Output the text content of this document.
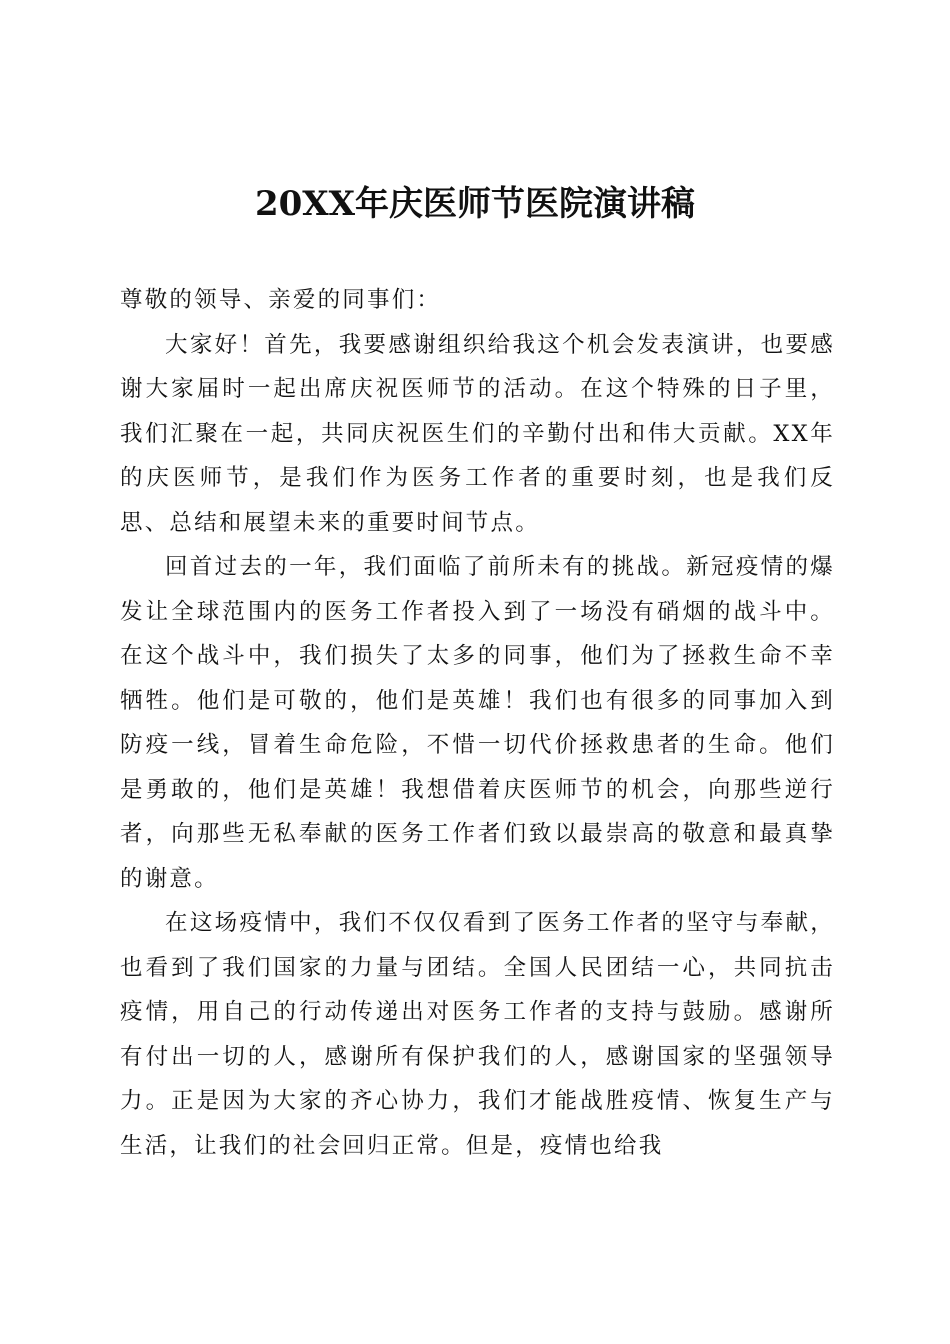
20XX年庆医师节医院演讲稿

尊敬的领导、亲爱的同事们：

大家好！首先，我要感谢组织给我这个机会发表演讲，也要感谢大家届时一起出席庆祝医师节的活动。在这个特殊的日子里，我们汇聚在一起，共同庆祝医生们的辛勤付出和伟大贡献。XX年的庆医师节，是我们作为医务工作者的重要时刻，也是我们反思、总结和展望未来的重要时间节点。

回首过去的一年，我们面临了前所未有的挑战。新冠疫情的爆发让全球范围内的医务工作者投入到了一场没有硝烟的战斗中。在这个战斗中，我们损失了太多的同事，他们为了拯救生命不幸牺牲。他们是可敬的，他们是英雄！我们也有很多的同事加入到防疫一线，冒着生命危险，不惜一切代价拯救患者的生命。他们是勇敢的，他们是英雄！我想借着庆医师节的机会，向那些逆行者，向那些无私奉献的医务工作者们致以最崇高的敬意和最真挚的谢意。

在这场疫情中，我们不仅仅看到了医务工作者的坚守与奉献，也看到了我们国家的力量与团结。全国人民团结一心，共同抗击疫情，用自己的行动传递出对医务工作者的支持与鼓励。感谢所有付出一切的人，感谢所有保护我们的人，感谢国家的坚强领导力。正是因为大家的齐心协力，我们才能战胜疫情、恢复生产与生活，让我们的社会回归正常。但是，疫情也给我
